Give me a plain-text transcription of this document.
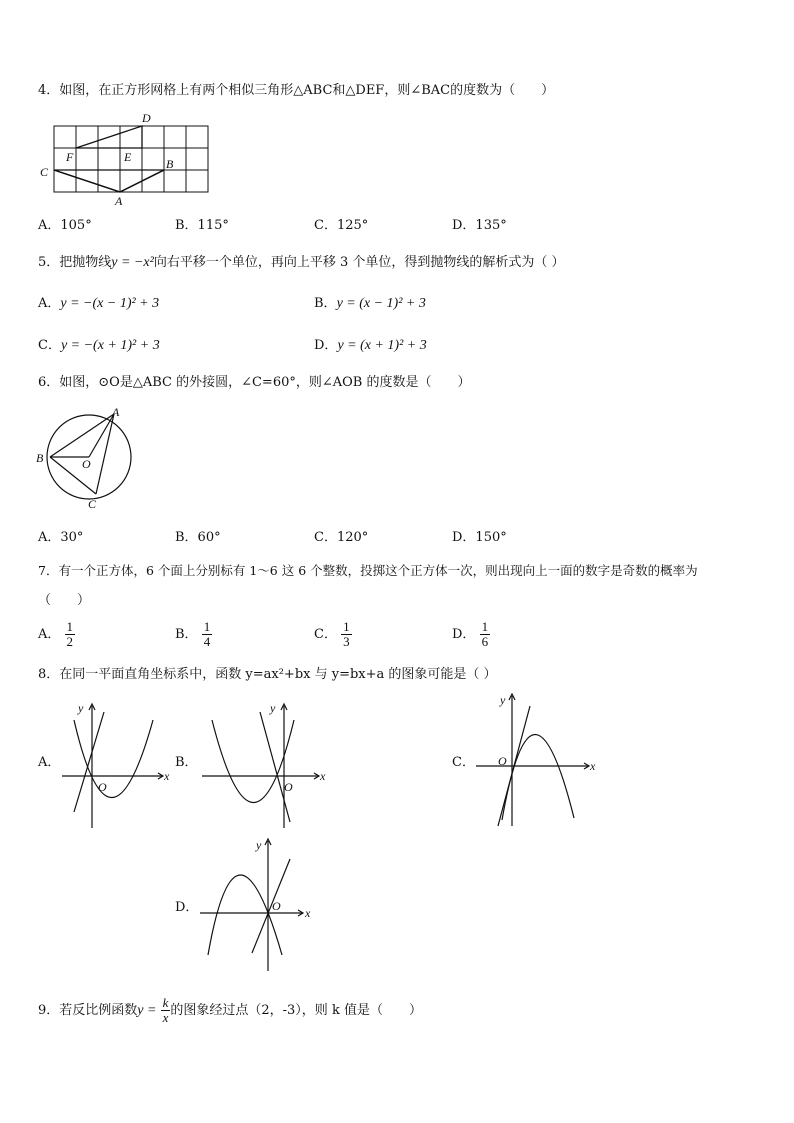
4．如图，在正方形网格上有两个相似三角形△ABC和△DEF，则∠BAC的度数为（　　）
D
F	E	B
C
A
A．105°	B．115°	C．125°	D．135°
5．把抛物线y = −x²向右平移一个单位，再向上平移 3 个单位，得到抛物线的解析式为（ ）
A．y = −(x − 1)² + 3	B．y = (x − 1)² + 3
C．y = −(x + 1)² + 3	D．y = (x + 1)² + 3
6．如图，⊙O是△ABC 的外接圆，∠C=60°，则∠AOB 的度数是（　　）
A
B	O
C
A．30°	B．60°	C．120°	D．150°
7．有一个正方体，6 个面上分别标有 1～6 这 6 个整数，投掷这个正方体一次，则出现向上一面的数字是奇数的概率为
（　　）
A． $\frac{1}{2}$	B． $\frac{1}{4}$	C． $\frac{1}{3}$	D． $\frac{1}{6}$
8．在同一平面直角坐标系中，函数 y=ax²+bx 与 y=bx+a 的图象可能是（ ）
A．
y
x
O
B．
y
x
O
C．
y
x
O
D．
y
x
O
9．若反比例函数$y = \frac{k}{x}$ 的图象经过点（2，-3），则 k 值是（　　）
